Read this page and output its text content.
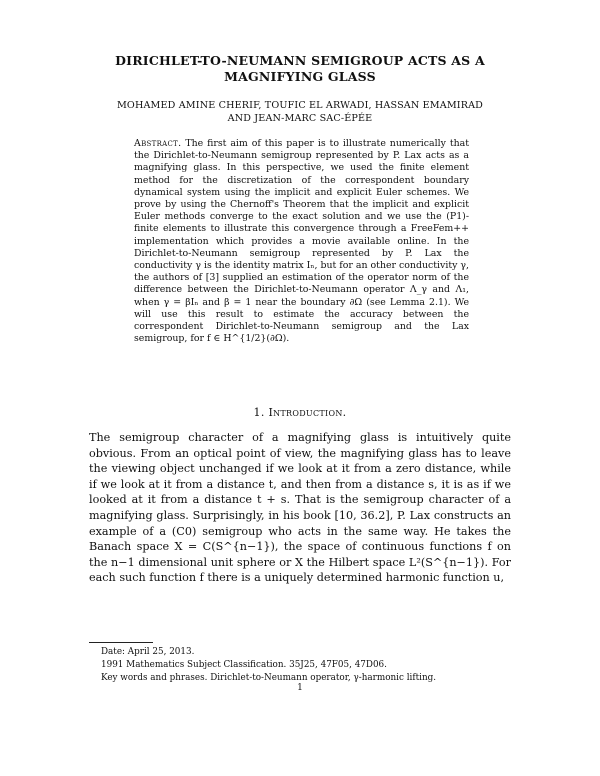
DIRICHLET-TO-NEUMANN SEMIGROUP ACTS AS A
MAGNIFYING GLASS
MOHAMED AMINE CHERIF, TOUFIC EL ARWADI, HASSAN EMAMIRAD
AND JEAN-MARC SAC-ÉPÉE
Abstract. The first aim of this paper is to illustrate numerically that the Dirichlet-to-Neumann semigroup represented by P. Lax acts as a magnifying glass. In this perspective, we used the finite element method for the discretization of the correspondent boundary dynamical system using the implicit and explicit Euler schemes. We prove by using the Chernoff's Theorem that the implicit and explicit Euler methods converge to the exact solution and we use the (P1)-finite elements to illustrate this convergence through a FreeFem++ implementation which provides a movie available online. In the Dirichlet-to-Neumann semigroup represented by P. Lax the conductivity γ is the identity matrix Iₙ, but for an other conductivity γ, the authors of [3] supplied an estimation of the operator norm of the difference between the Dirichlet-to-Neumann operator Λ_γ and Λ₁, when γ = βIₙ and β = 1 near the boundary ∂Ω (see Lemma 2.1). We will use this result to estimate the accuracy between the correspondent Dirichlet-to-Neumann semigroup and the Lax semigroup, for f ∈ H^{1/2}(∂Ω).
1. Introduction.
The semigroup character of a magnifying glass is intuitively quite obvious. From an optical point of view, the magnifying glass has to leave the viewing object unchanged if we look at it from a zero distance, while if we look at it from a distance t, and then from a distance s, it is as if we looked at it from a distance t + s. That is the semigroup character of a magnifying glass. Surprisingly, in his book [10, 36.2], P. Lax constructs an example of a (C0) semigroup who acts in the same way. He takes the Banach space X = C(S^{n−1}), the space of continuous functions f on the n−1 dimensional unit sphere or X the Hilbert space L²(S^{n−1}). For each such function f there is a uniquely determined harmonic function u,
Date: April 25, 2013.
1991 Mathematics Subject Classification. 35J25, 47F05, 47D06.
Key words and phrases. Dirichlet-to-Neumann operator, γ-harmonic lifting.
1
